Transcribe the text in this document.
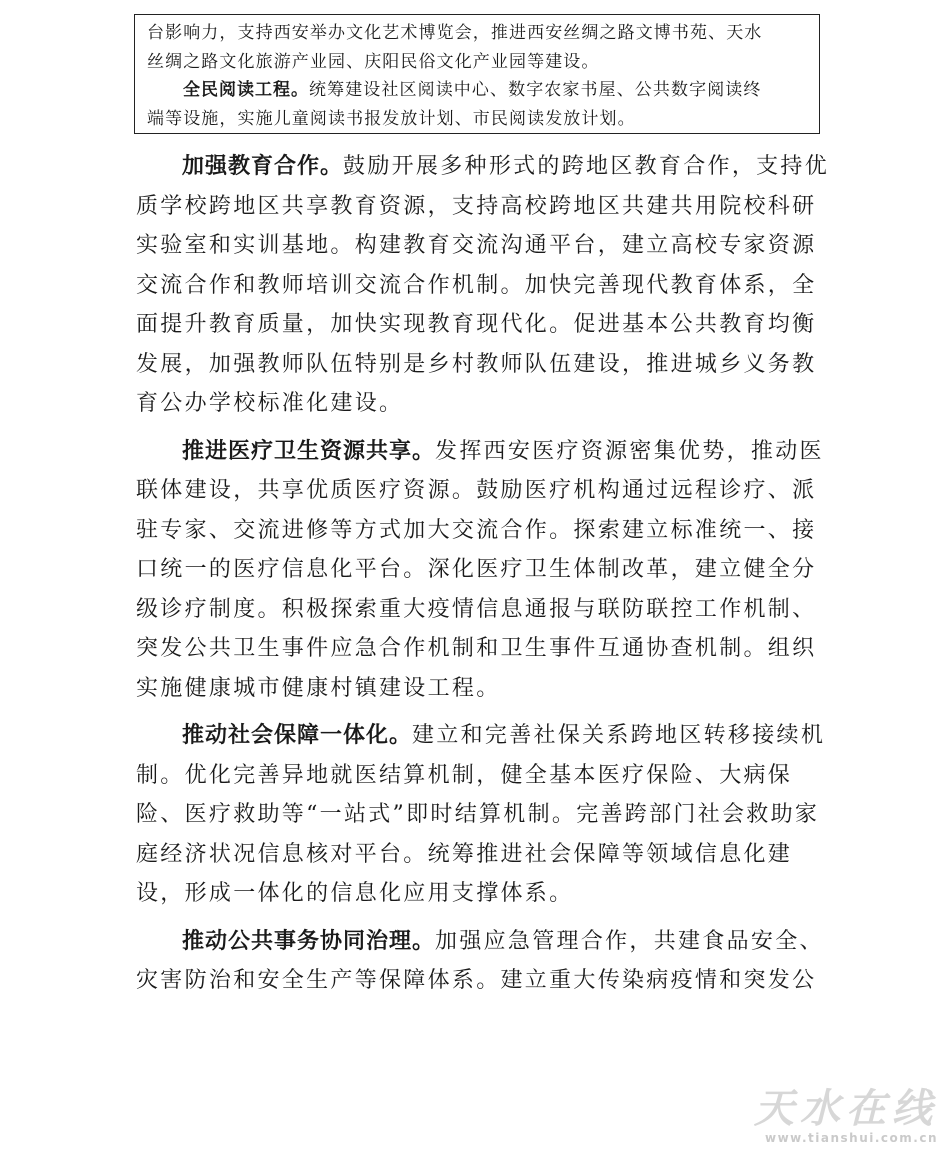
台影响力，支持西安举办文化艺术博览会，推进西安丝绸之路文博书苑、天水

丝绸之路文化旅游产业园、庆阳民俗文化产业园等建设。

全民阅读工程。统筹建设社区阅读中心、数字农家书屋、公共数字阅读终

端等设施，实施儿童阅读书报发放计划、市民阅读发放计划。

加强教育合作。鼓励开展多种形式的跨地区教育合作，支持优质学校跨地区共享教育资源，支持高校跨地区共建共用院校科研实验室和实训基地。构建教育交流沟通平台，建立高校专家资源交流合作和教师培训交流合作机制。加快完善现代教育体系，全面提升教育质量，加快实现教育现代化。促进基本公共教育均衡发展，加强教师队伍特别是乡村教师队伍建设，推进城乡义务教育公办学校标准化建设。

推进医疗卫生资源共享。发挥西安医疗资源密集优势，推动医联体建设，共享优质医疗资源。鼓励医疗机构通过远程诊疗、派驻专家、交流进修等方式加大交流合作。探索建立标准统一、接口统一的医疗信息化平台。深化医疗卫生体制改革，建立健全分级诊疗制度。积极探索重大疫情信息通报与联防联控工作机制、突发公共卫生事件应急合作机制和卫生事件互通协查机制。组织实施健康城市健康村镇建设工程。

推动社会保障一体化。建立和完善社保关系跨地区转移接续机制。优化完善异地就医结算机制，健全基本医疗保险、大病保险、医疗救助等“一站式”即时结算机制。完善跨部门社会救助家庭经济状况信息核对平台。统筹推进社会保障等领域信息化建设，形成一体化的信息化应用支撑体系。

推动公共事务协同治理。加强应急管理合作，共建食品安全、灾害防治和安全生产等保障体系。建立重大传染病疫情和突发公

天水在线
www.tianshui.com.cn
